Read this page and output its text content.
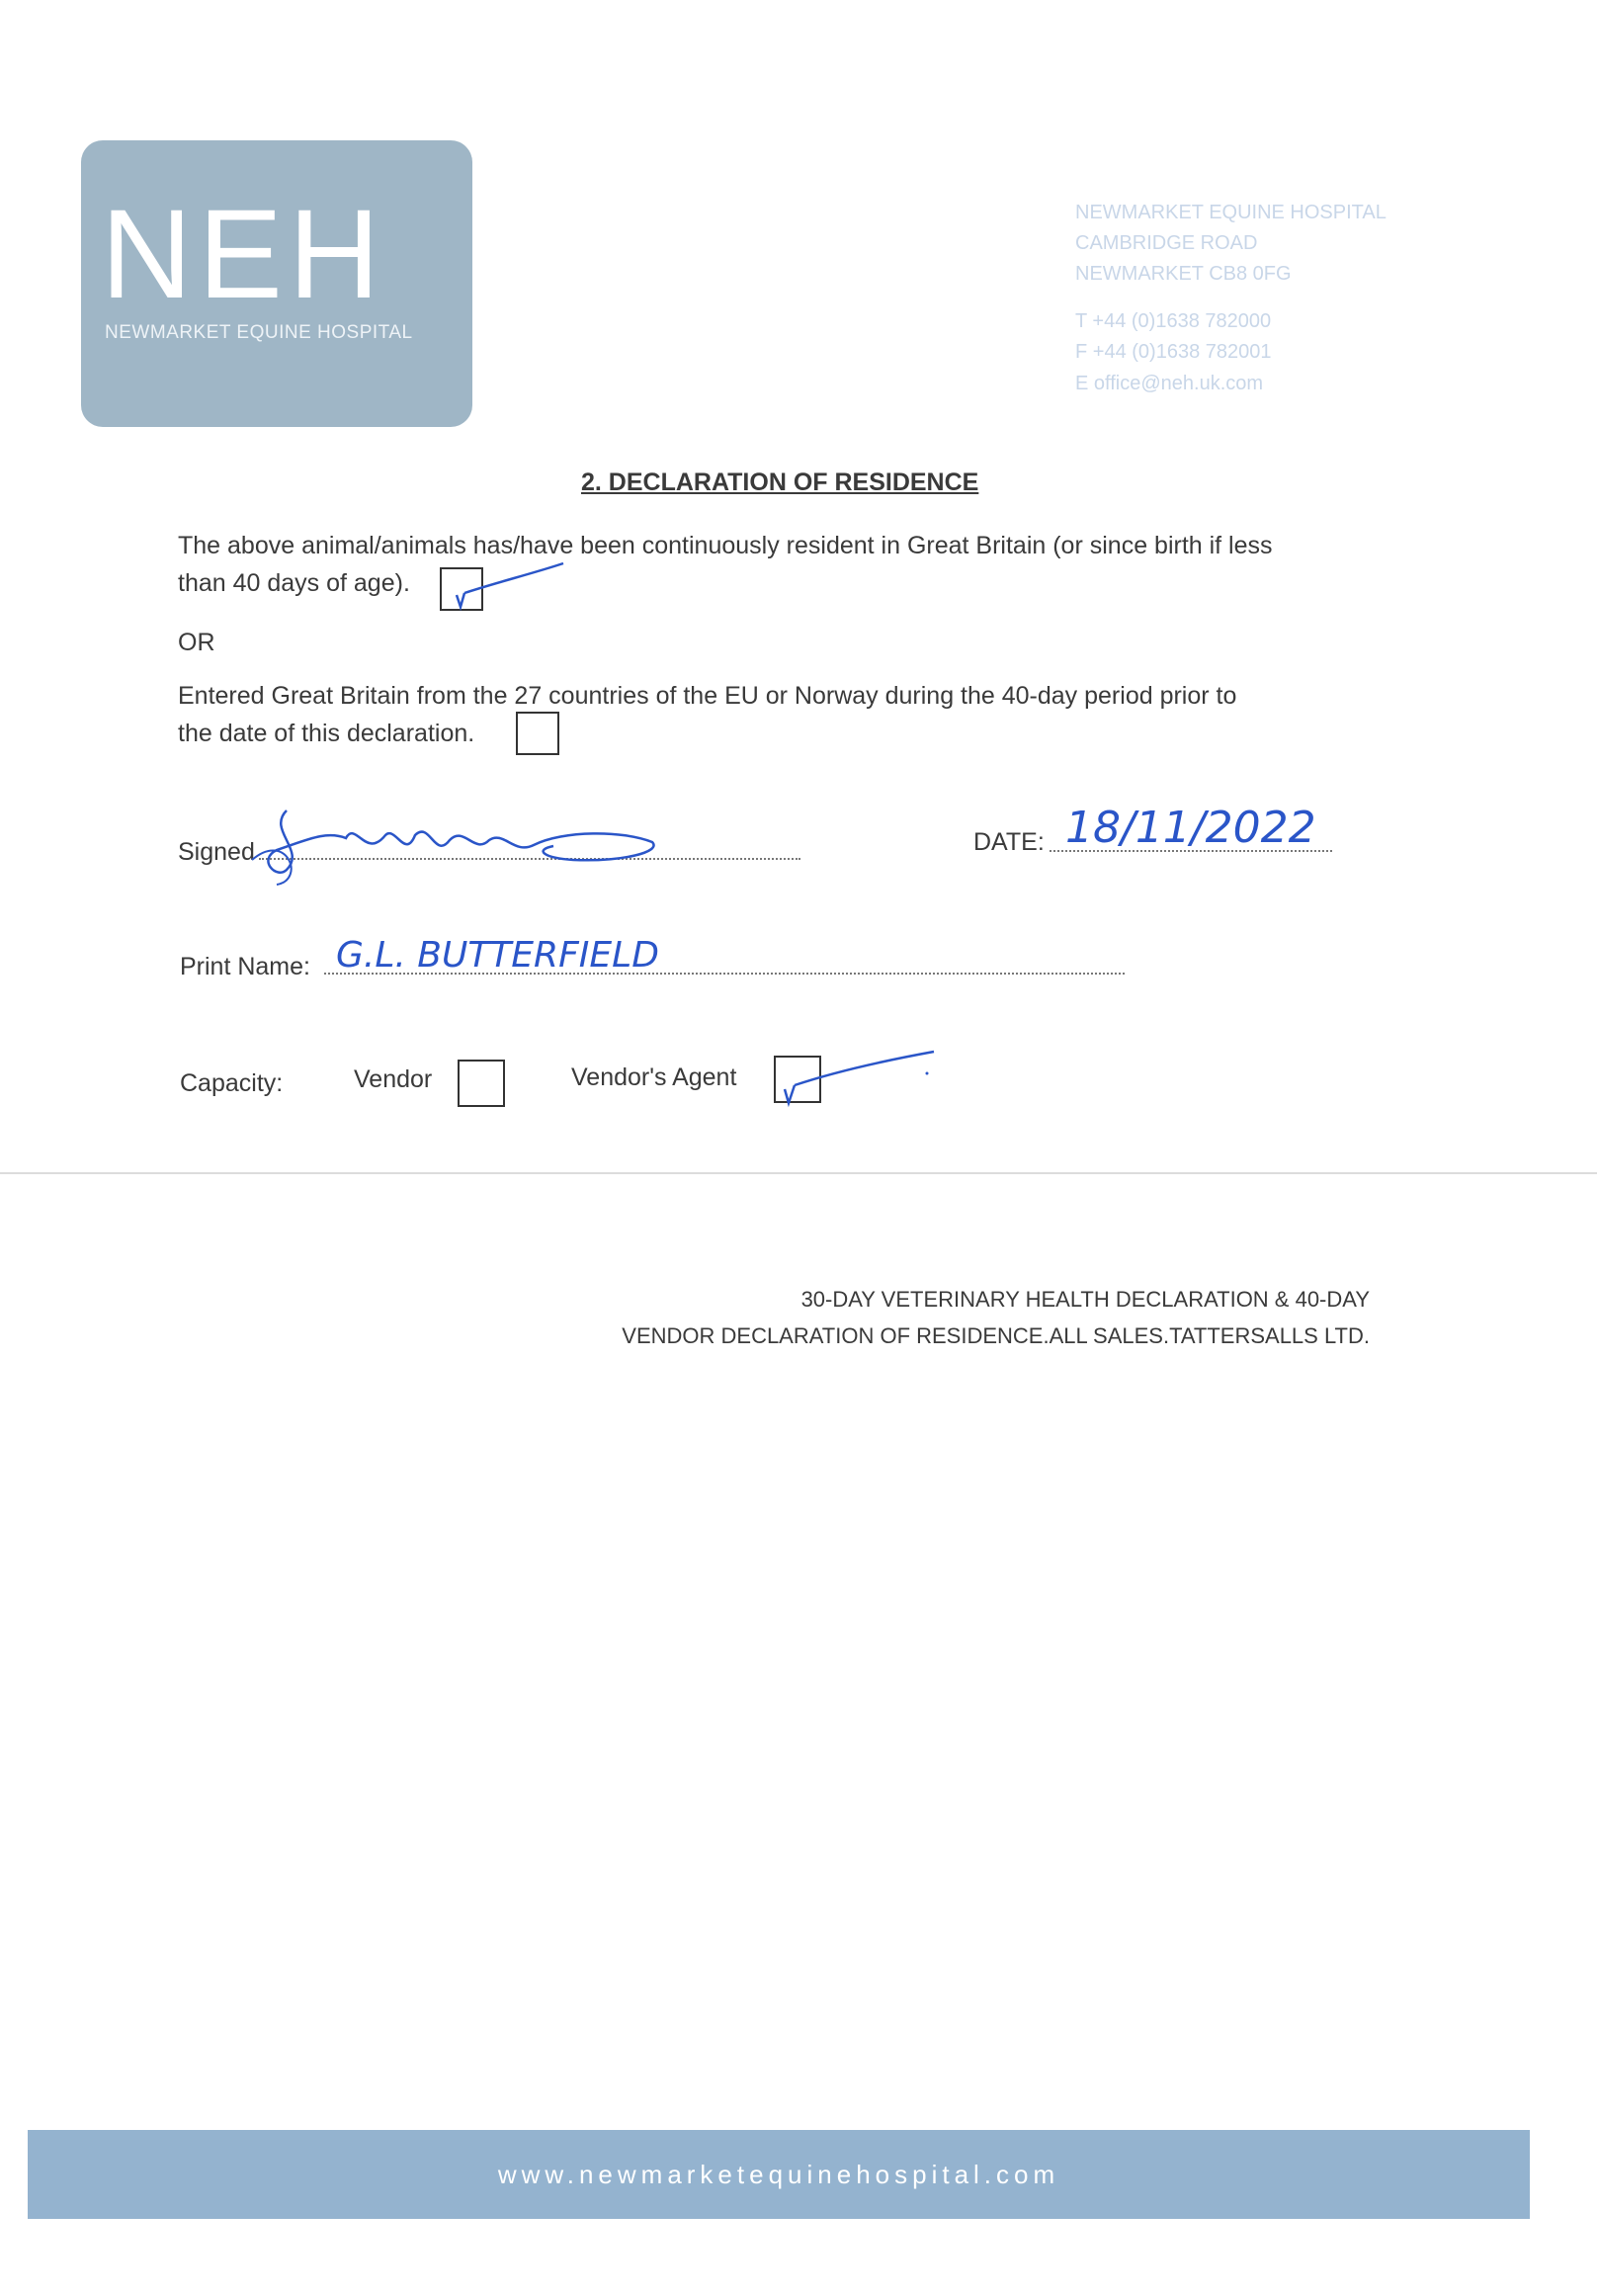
NEH
NEWMARKET EQUINE HOSPITAL
NEWMARKET EQUINE HOSPITAL
CAMBRIDGE ROAD
NEWMARKET CB8 0FG
T +44 (0)1638 782000
F +44 (0)1638 782001
E office@neh.uk.com
2. DECLARATION OF RESIDENCE
The above animal/animals has/have been continuously resident in Great Britain (or since birth if less
than 40 days of age).
OR
Entered Great Britain from the 27 countries of the EU or Norway during the 40-day period prior to
the date of this declaration.
Signed	DATE: 18/11/2022
Print Name: G.L. BUTTERFIELD
Capacity:	Vendor	Vendor's Agent
30-DAY VETERINARY HEALTH DECLARATION & 40-DAY
VENDOR DECLARATION OF RESIDENCE.ALL SALES.TATTERSALLS LTD.
www.newmarketequinehospital.com
